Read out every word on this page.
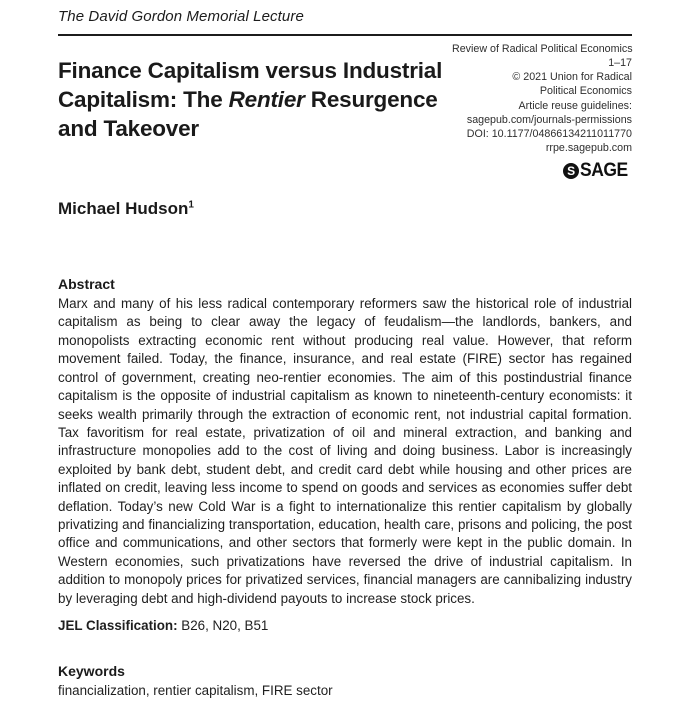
The David Gordon Memorial Lecture
Finance Capitalism versus Industrial Capitalism: The Rentier Resurgence and Takeover
Review of Radical Political Economics
1–17
© 2021 Union for Radical
Political Economics
Article reuse guidelines:
sagepub.com/journals-permissions
DOI: 10.1177/04866134211011770
rrpe.sagepub.com
S SAGE
Michael Hudson$^1$
Abstract

Marx and many of his less radical contemporary reformers saw the historical role of industrial capitalism as being to clear away the legacy of feudalism—the landlords, bankers, and monopolists extracting economic rent without producing real value. However, that reform movement failed. Today, the finance, insurance, and real estate (FIRE) sector has regained control of government, creating neo-rentier economies. The aim of this postindustrial finance capitalism is the opposite of industrial capitalism as known to nineteenth-century economists: it seeks wealth primarily through the extraction of economic rent, not industrial capital formation. Tax favoritism for real estate, privatization of oil and mineral extraction, and banking and infrastructure monopolies add to the cost of living and doing business. Labor is increasingly exploited by bank debt, student debt, and credit card debt while housing and other prices are inflated on credit, leaving less income to spend on goods and services as economies suffer debt deflation. Today’s new Cold War is a fight to internationalize this rentier capitalism by globally privatizing and financializing transportation, education, health care, prisons and policing, the post office and communications, and other sectors that formerly were kept in the public domain. In Western economies, such privatizations have reversed the drive of industrial capitalism. In addition to monopoly prices for privatized services, financial managers are cannibalizing industry by leveraging debt and high-dividend payouts to increase stock prices.

JEL Classification: B26, N20, B51

Keywords

financialization, rentier capitalism, FIRE sector
